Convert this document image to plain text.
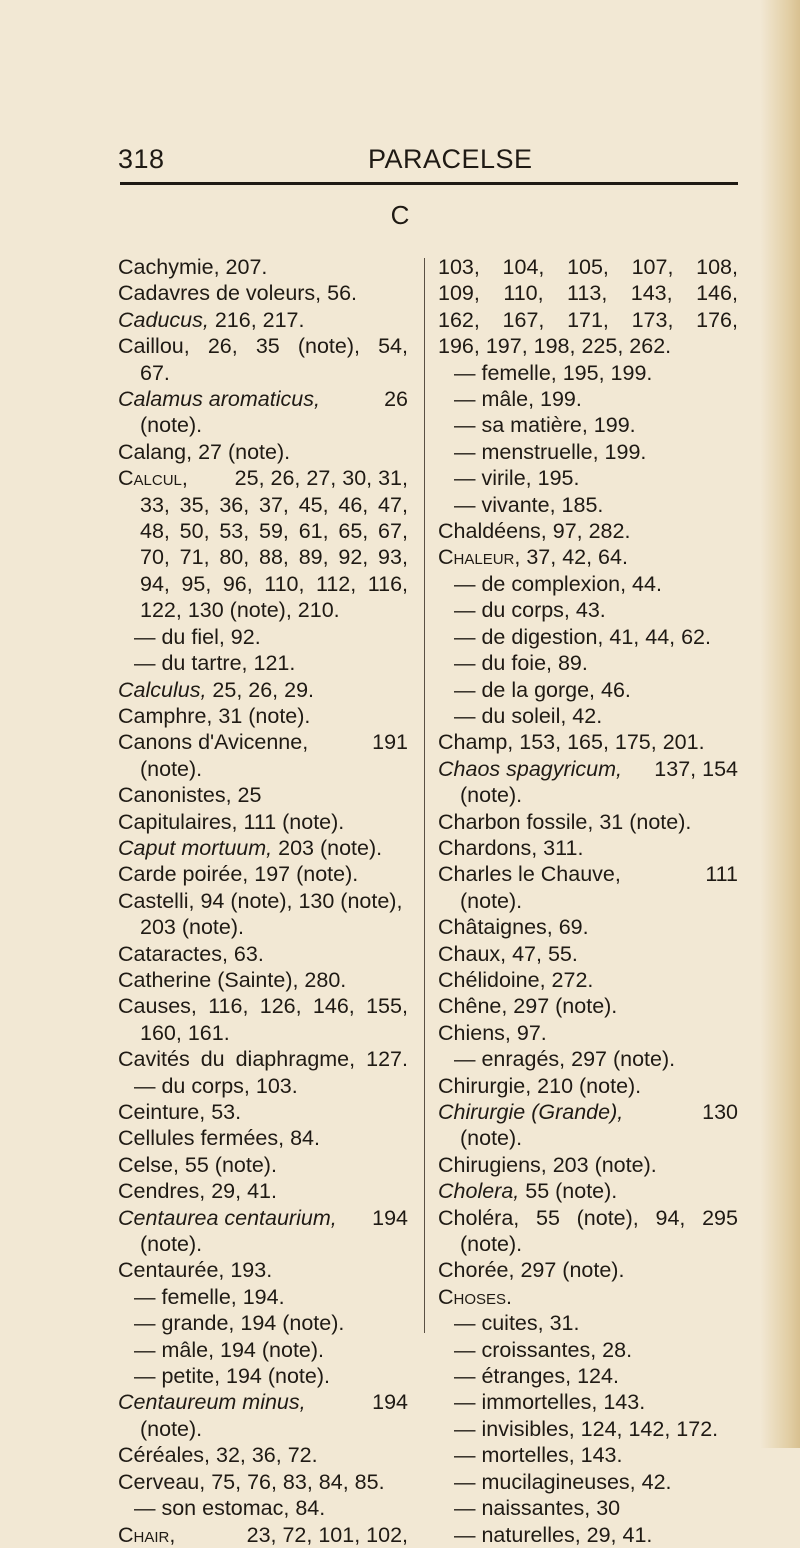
318	PARACELSE
C
Cachymie, 207.
Cadavres de voleurs, 56.
Caducus, 216, 217.
Caillou, 26, 35 (note), 54,
67.
Calamus aromaticus,	26
(note).
Calang, 27 (note).
Calcul, 25, 26, 27, 30, 31,
33, 35, 36, 37, 45, 46, 47,
48, 50, 53, 59, 61, 65, 67,
70, 71, 80, 88, 89, 92, 93,
94, 95, 96, 110, 112, 116,
122, 130 (note), 210.
— du fiel, 92.
— du tartre, 121.
Calculus, 25, 26, 29.
Camphre, 31 (note).
Canons d'Avicenne,	191
(note).
Canonistes, 25
Capitulaires, 111 (note).
Caput mortuum, 203 (note).
Carde poirée, 197 (note).
Castelli, 94 (note), 130 (note),
203 (note).
Cataractes, 63.
Catherine (Sainte), 280.
Causes, 116, 126, 146, 155,
160, 161.
Cavités du diaphragme, 127.
— du corps, 103.
Ceinture, 53.
Cellules fermées, 84.
Celse, 55 (note).
Cendres, 29, 41.
Centaurea centaurium, 194
(note).
Centaurée, 193.
— femelle, 194.
— grande, 194 (note).
— mâle, 194 (note).
— petite, 194 (note).
Centaureum minus,	194
(note).
Céréales, 32, 36, 72.
Cerveau, 75, 76, 83, 84, 85.
— son estomac, 84.
Chair,	23, 72, 101, 102,
103, 104, 105, 107, 108,
109, 110, 113, 143, 146,
162, 167, 171, 173, 176,
196, 197, 198, 225, 262.
— femelle, 195, 199.
— mâle, 199.
— sa matière, 199.
— menstruelle, 199.
— virile, 195.
— vivante, 185.
Chaldéens, 97, 282.
Chaleur, 37, 42, 64.
— de complexion, 44.
— du corps, 43.
— de digestion, 41, 44, 62.
— du foie, 89.
— de la gorge, 46.
— du soleil, 42.
Champ, 153, 165, 175, 201.
Chaos spagyricum, 137, 154
(note).
Charbon fossile, 31 (note).
Chardons, 311.
Charles le Chauve,	111
(note).
Châtaignes, 69.
Chaux, 47, 55.
Chélidoine, 272.
Chêne, 297 (note).
Chiens, 97.
— enragés, 297 (note).
Chirurgie, 210 (note).
Chirurgie (Grande),	130
(note).
Chirugiens, 203 (note).
Cholera, 55 (note).
Choléra, 55 (note), 94, 295
(note).
Chorée, 297 (note).
Choses.
— cuites, 31.
— croissantes, 28.
— étranges, 124.
— immortelles, 143.
— invisibles, 124, 142, 172.
— mortelles, 143.
— mucilagineuses, 42.
— naissantes, 30
— naturelles, 29, 41.
